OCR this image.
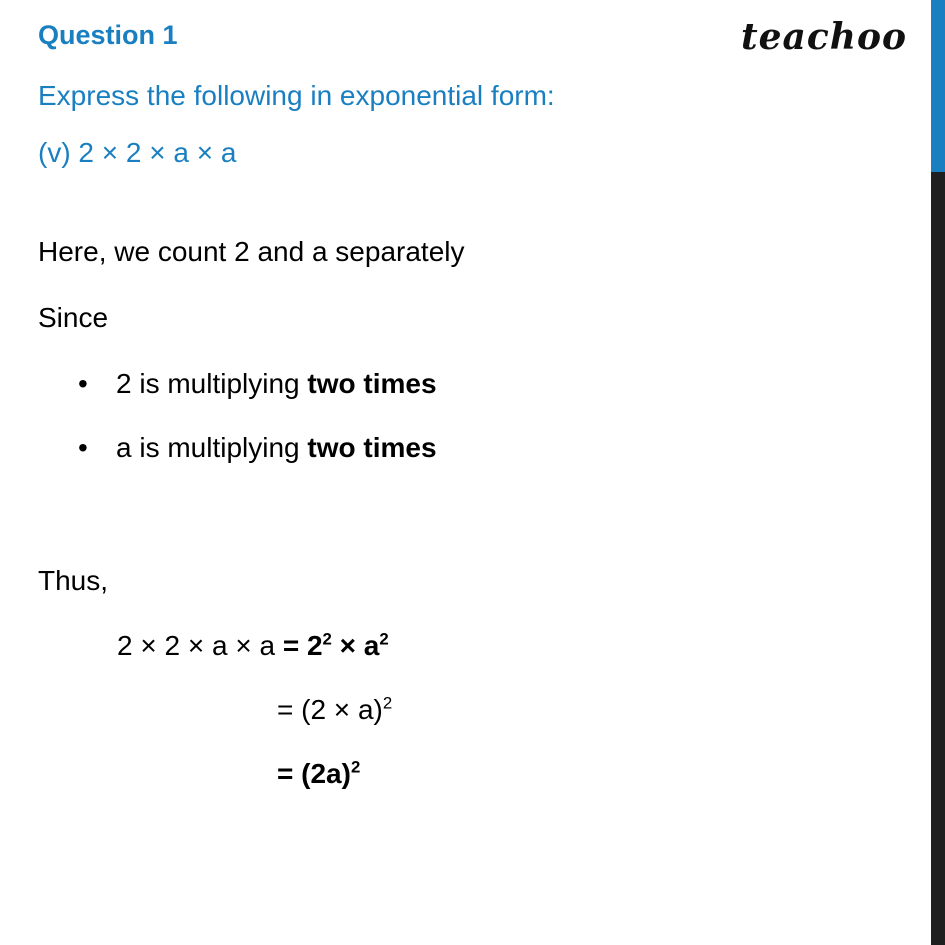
Question 1	teachoo
Express the following in exponential form:
(v) 2 × 2 × a × a
Here, we count 2 and a separately
Since
• 2 is multiplying two times
• a is multiplying two times
Thus,
$2 \times 2 \times a \times a = 2^2 \times a^2$
= $(2 \times a)^2$
= $(2a)^2$
